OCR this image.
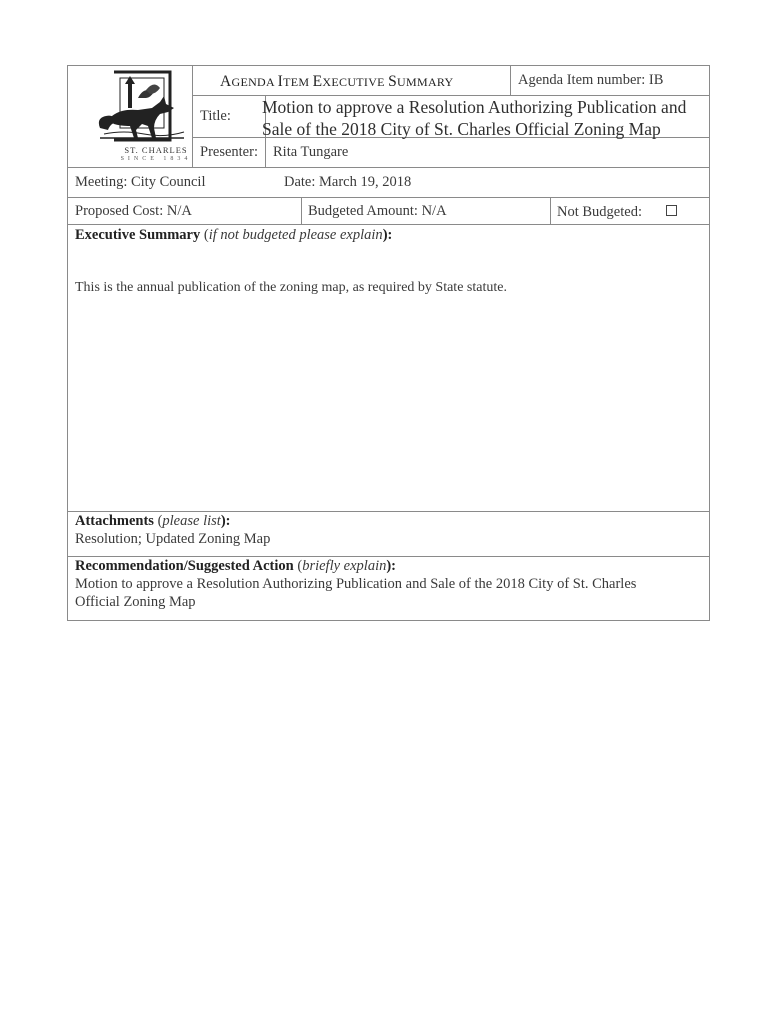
ST. CHARLES
SINCE 1834
AGENDA ITEM EXECUTIVE SUMMARY	Agenda Item number: IB
Title: Motion to approve a Resolution Authorizing Publication and
Sale of the 2018 City of St. Charles Official Zoning Map
Presenter: Rita Tungare
Meeting: City Council	Date: March 19, 2018
Proposed Cost: N/A	Budgeted Amount: N/A	Not Budgeted:
Executive Summary (if not budgeted please explain):
This is the annual publication of the zoning map, as required by State statute.
Attachments (please list):
Resolution; Updated Zoning Map
Recommendation/Suggested Action (briefly explain):
Motion to approve a Resolution Authorizing Publication and Sale of the 2018 City of St. Charles
Official Zoning Map
